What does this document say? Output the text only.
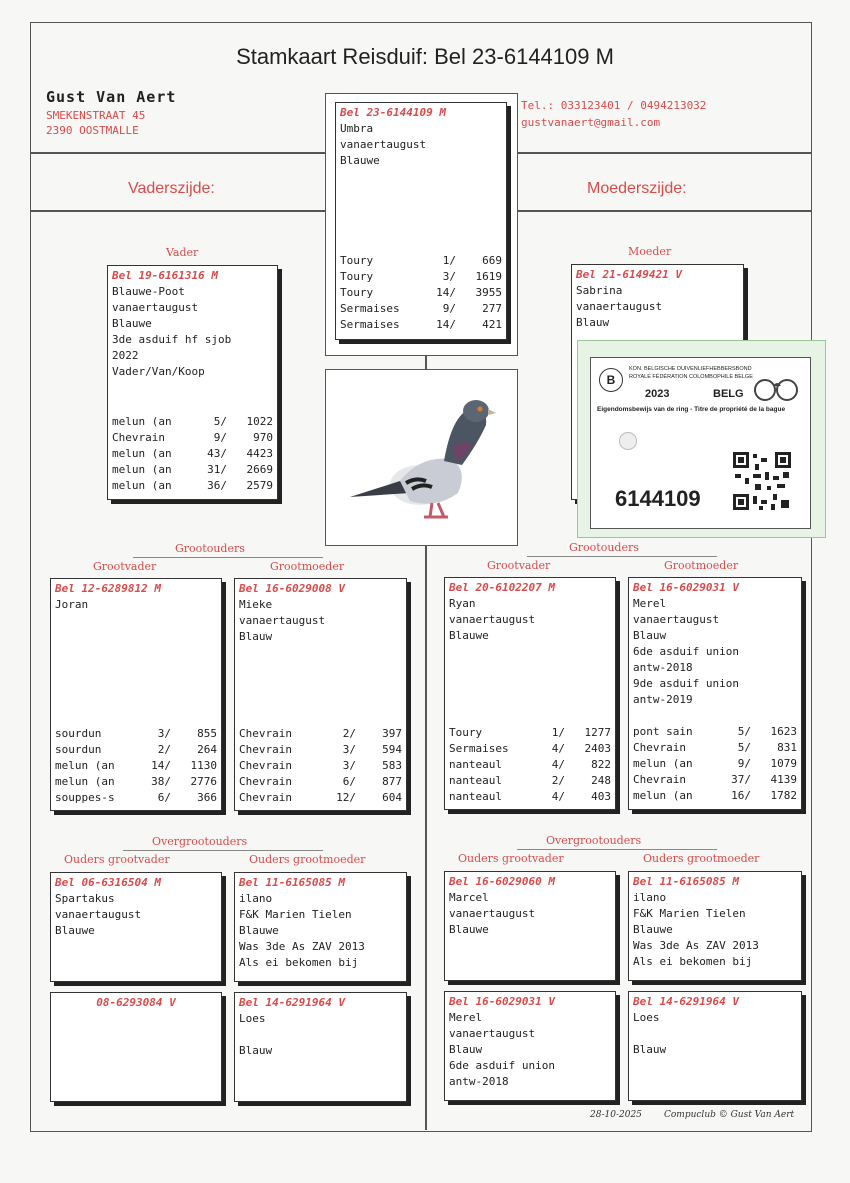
Stamkaart Reisduif: Bel 23-6144109 M
Gust Van Aert
SMEKENSTRAAT 45
2390 OOSTMALLE
Tel.: 033123401 / 0494213032
gustvanaert@gmail.com
Vaderszijde:	Moederszijde:
Bel 23-6144109 M
Umbra
vanaertaugust
Blauwe
Toury	1/	669
Toury	3/	1619
Toury	14/	3955
Sermaises	9/	277
Sermaises	14/	421
Vader	Moeder
Bel 19-6161316 M
Blauwe-Poot
vanaertaugust
Blauwe
3de asduif hf sjob
2022
Vader/Van/Koop
melun (an	5/	1022
Chevrain	9/	970
melun (an	43/	4423
melun (an	31/	2669
melun (an	36/	2579
Bel 21-6149421 V
Sabrina
vanaertaugust
Blauw
B
KON. BELGISCHE DUIVENLIEFHEBBERSBOND
ROYALE FÉDÉRATION COLOMBOPHILE BELGE
2023	BELG
Eigendomsbewijs van de ring - Titre de propriété de la bague
6144109
Grootouders
Grootvader	Grootmoeder
Grootouders
Grootvader	Grootmoeder
Bel 12-6289812 M
Joran
sourdun	3/	855
sourdun	2/	264
melun (an	14/	1130
melun (an	38/	2776
souppes-s	6/	366
Bel 16-6029008 V
Mieke
vanaertaugust
Blauw
Chevrain	2/	397
Chevrain	3/	594
Chevrain	3/	583
Chevrain	6/	877
Chevrain	12/	604
Bel 20-6102207 M
Ryan
vanaertaugust
Blauwe
Toury	1/	1277
Sermaises	4/	2403
nanteaul	4/	822
nanteaul	2/	248
nanteaul	4/	403
Bel 16-6029031 V
Merel
vanaertaugust
Blauw
6de asduif union
antw-2018
9de asduif union
antw-2019
pont sain	5/	1623
Chevrain	5/	831
melun (an	9/	1079
Chevrain	37/	4139
melun (an	16/	1782
Overgrootouders
Ouders grootvader	Ouders grootmoeder
Overgrootouders
Ouders grootvader	Ouders grootmoeder
Bel 06-6316504 M
Spartakus
vanaertaugust
Blauwe
Bel 11-6165085 M
ilano
F&K Marien Tielen
Blauwe
Was 3de As ZAV 2013
Als ei bekomen bij
Bel 16-6029060 M
Marcel
vanaertaugust
Blauwe
Bel 11-6165085 M
ilano
F&K Marien Tielen
Blauwe
Was 3de As ZAV 2013
Als ei bekomen bij
08-6293084 V	Bel 14-6291964 V
Loes

Blauw
Bel 16-6029031 V
Merel
vanaertaugust
Blauw
6de asduif union
antw-2018
Bel 14-6291964 V
Loes

Blauw
28-10-2025 Compuclub © Gust Van Aert
